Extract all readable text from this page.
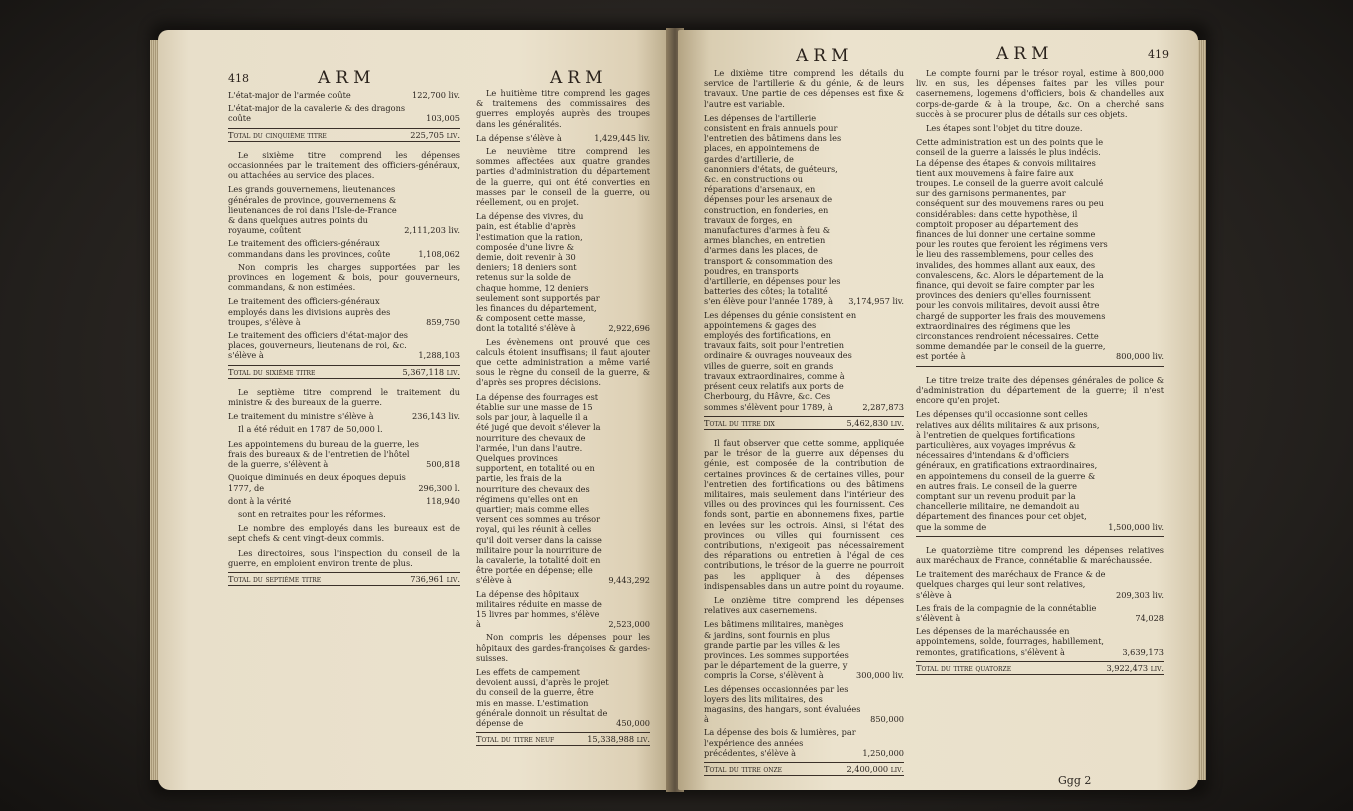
418	ARM	ARM
L'état-major de l'armée coûte	122,700 liv.
L'état-major de la cavalerie & des dragons coûte	103,005
Total du cinquième titre	225,705 liv.

Le sixième titre comprend les dépenses occasionnées par le traitement des officiers-généraux, ou attachées au service des places.

Les grands gouvernemens, lieutenances générales de province, gouvernemens & lieutenances de roi dans l'Isle-de-France & dans quelques autres points du royaume, coûtent	2,111,203 liv.
Le traitement des officiers-généraux commandans dans les provinces, coûte	1,108,062

Non compris les charges supportées par les provinces en logement & bois, pour gouverneurs, commandans, & non estimées.

Le traitement des officiers-généraux employés dans les divisions auprès des troupes, s'élève à	859,750
Le traitement des officiers d'état-major des places, gouverneurs, lieutenans de roi, &c. s'élève à	1,288,103
Total du sixième titre	5,367,118 liv.

Le septième titre comprend le traitement du ministre & des bureaux de la guerre.

Le traitement du ministre s'élève à	236,143 liv.

Il a été réduit en 1787 de 50,000 l.

Les appointemens du bureau de la guerre, les frais des bureaux & de l'entretien de l'hôtel de la guerre, s'élèvent à	500,818
Quoique diminués en deux époques depuis 1777, de	296,300 l.
dont à la vérité	118,940

sont en retraites pour les réformes.

Le nombre des employés dans les bureaux est de sept chefs & cent vingt-deux commis.

Les directoires, sous l'inspection du conseil de la guerre, en emploient environ trente de plus.

Total du septième titre	736,961 liv.

Le huitième titre comprend les gages & traitemens des commissaires des guerres employés auprès des troupes dans les généralités.

La dépense s'élève à	1,429,445 liv.

Le neuvième titre comprend les sommes affectées aux quatre grandes parties d'administration du département de la guerre, qui ont été converties en masses par le conseil de la guerre, ou réellement, ou en projet.

La dépense des vivres, du pain, est établie d'après l'estimation que la ration, composée d'une livre & demie, doit revenir à 30 deniers; 18 deniers sont retenus sur la solde de chaque homme, 12 deniers seulement sont supportés par les finances du département, & composent cette masse, dont la totalité s'élève à	2,922,696

Les évènemens ont prouvé que ces calculs étoient insuffisans; il faut ajouter que cette administration a même varié sous le règne du conseil de la guerre, & d'après ses propres décisions.

La dépense des fourrages est établie sur une masse de 15 sols par jour, à laquelle il a été jugé que devoit s'élever la nourriture des chevaux de l'armée, l'un dans l'autre. Quelques provinces supportent, en totalité ou en partie, les frais de la nourriture des chevaux des régimens qu'elles ont en quartier; mais comme elles versent ces sommes au trésor royal, qui les réunit à celles qu'il doit verser dans la caisse militaire pour la nourriture de la cavalerie, la totalité doit en être portée en dépense; elle s'élève à	9,443,292
La dépense des hôpitaux militaires réduite en masse de 15 livres par hommes, s'élève à	2,523,000

Non compris les dépenses pour les hôpitaux des gardes-françoises & gardes-suisses.

Les effets de campement devoient aussi, d'après le projet du conseil de la guerre, être mis en masse. L'estimation générale donnoit un résultat de dépense de	450,000
Total du titre neuf	15,338,988 liv.
ARM	ARM	419

Le dixième titre comprend les détails du service de l'artillerie & du génie, & de leurs travaux. Une partie de ces dépenses est fixe & l'autre est variable.

Les dépenses de l'artillerie consistent en frais annuels pour l'entretien des bâtimens dans les places, en appointemens de gardes d'artillerie, de canonniers d'états, de guéteurs, &c. en constructions ou réparations d'arsenaux, en dépenses pour les arsenaux de construction, en fonderies, en travaux de forges, en manufactures d'armes à feu & armes blanches, en entretien d'armes dans les places, de transport & consommation des poudres, en transports d'artillerie, en dépenses pour les batteries des côtes; la totalité s'en élève pour l'année 1789, à	3,174,957 liv.
Les dépenses du génie consistent en appointemens & gages des employés des fortifications, en travaux faits, soit pour l'entretien ordinaire & ouvrages nouveaux des villes de guerre, soit en grands travaux extraordinaires, comme à présent ceux relatifs aux ports de Cherbourg, du Hâvre, &c. Ces sommes s'élèvent pour 1789, à	2,287,873
Total du titre dix	5,462,830 liv.

Il faut observer que cette somme, appliquée par le trésor de la guerre aux dépenses du génie, est composée de la contribution de certaines provinces & de certaines villes, pour l'entretien des fortifications ou des bâtimens militaires, mais seulement dans l'intérieur des villes ou des provinces qui les fournissent. Ces fonds sont, partie en abonnemens fixes, partie en levées sur les octrois. Ainsi, si l'état des provinces ou villes qui fournissent ces contributions, n'exigeoit pas nécessairement des réparations ou entretien à l'égal de ces contributions, le trésor de la guerre ne pourroit pas les appliquer à des dépenses indispensables dans un autre point du royaume.

Le onzième titre comprend les dépenses relatives aux casernemens.

Les bâtimens militaires, manèges & jardins, sont fournis en plus grande partie par les villes & les provinces. Les sommes supportées par le département de la guerre, y compris la Corse, s'élèvent à	300,000 liv.
Les dépenses occasionnées par les loyers des lits militaires, des magasins, des hangars, sont évaluées à	850,000
La dépense des bois & lumières, par l'expérience des années précédentes, s'élève à	1,250,000
Total du titre onze	2,400,000 liv.

Le compte fourni par le trésor royal, estime à 800,000 liv. en sus, les dépenses faites par les villes pour casernemens, logemens d'officiers, bois & chandelles aux corps-de-garde & à la troupe, &c. On a cherché sans succès à se procurer plus de détails sur ces objets.

Les étapes sont l'objet du titre douze.

Cette administration est un des points que le conseil de la guerre a laissés le plus indécis. La dépense des étapes & convois militaires tient aux mouvemens à faire faire aux troupes. Le conseil de la guerre avoit calculé sur des garnisons permanentes, par conséquent sur des mouvemens rares ou peu considérables: dans cette hypothèse, il comptoit proposer au département des finances de lui donner une certaine somme pour les routes que feroient les régimens vers le lieu des rassemblemens, pour celles des invalides, des hommes allant aux eaux, des convalescens, &c. Alors le département de la finance, qui devoit se faire compter par les provinces des deniers qu'elles fournissent pour les convois militaires, devoit aussi être chargé de supporter les frais des mouvemens extraordinaires des régimens que les circonstances rendroient nécessaires. Cette somme demandée par le conseil de la guerre, est portée à	800,000 liv.

Le titre treize traite des dépenses générales de police & d'administration du département de la guerre; il n'est encore qu'en projet.

Les dépenses qu'il occasionne sont celles relatives aux délits militaires & aux prisons, à l'entretien de quelques fortifications particulières, aux voyages imprévus & nécessaires d'intendans & d'officiers généraux, en gratifications extraordinaires, en appointemens du conseil de la guerre & en autres frais. Le conseil de la guerre comptant sur un revenu produit par la chancellerie militaire, ne demandoit au département des finances pour cet objet, que la somme de	1,500,000 liv.

Le quatorzième titre comprend les dépenses relatives aux maréchaux de France, connétablie & maréchaussée.

Le traitement des maréchaux de France & de quelques charges qui leur sont relatives, s'élève à	209,303 liv.
Les frais de la compagnie de la connétablie s'élèvent à	74,028
Les dépenses de la maréchaussée en appointemens, solde, fourrages, habillement, remontes, gratifications, s'élèvent à	3,639,173
Total du titre quatorze	3,922,473 liv.
Ggg 2
